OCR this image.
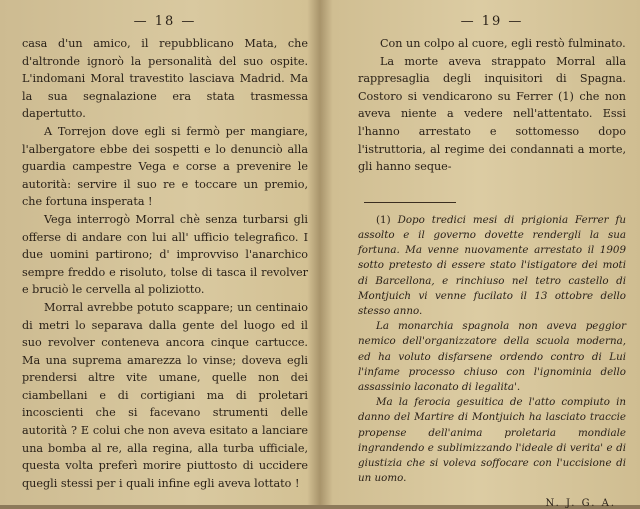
— 18 —

casa d'un amico, il repubblicano Mata, che d'altronde ignorò la personalità del suo ospite. L'indomani Moral travestito lasciava Madrid. Ma la sua segnalazione era stata trasmessa dapertutto.

A Torrejon dove egli si fermò per mangiare, l'albergatore ebbe dei sospetti e lo denunciò alla guardia campestre Vega e corse a prevenire le autorità: servire il suo re e toccare un premio, che fortuna insperata !

Vega interrogò Morral chè senza turbarsi gli offerse di andare con lui all' ufficio telegrafico. I due uomini partirono; d' improvviso l'anarchico sempre freddo e risoluto, tolse di tasca il revolver e bruciò le cervella al poliziotto.

Morral avrebbe potuto scappare; un centinaio di metri lo separava dalla gente del luogo ed il suo revolver conteneva ancora cinque cartucce. Ma una suprema amarezza lo vinse; doveva egli prendersi altre vite umane, quelle non dei ciambellani e di cortigiani ma di proletari incoscienti che si facevano strumenti delle autorità ? E colui che non aveva esitato a lanciare una bomba al re, alla regina, alla turba ufficiale, questa volta preferì morire piuttosto di uccidere quegli stessi per i quali infine egli aveva lottato !

— 19 —

Con un colpo al cuore, egli restò fulminato.

La morte aveva strappato Morral alla rappresaglia degli inquisitori di Spagna. Costoro si vendicarono su Ferrer (1) che non aveva niente a vedere nell'attentato. Essi l'hanno arrestato e sottomesso dopo l'istruttoria, al regime dei condannati a morte, gli hanno seque-

(1) Dopo tredici mesi di prigionia Ferrer fu assolto e il governo dovette rendergli la sua fortuna. Ma venne nuovamente arrestato il 1909 sotto pretesto di essere stato l'istigatore dei moti di Barcellona, e rinchiuso nel tetro castello di Montjuich vi venne fucilato il 13 ottobre dello stesso anno.

La monarchia spagnola non aveva peggior nemico dell'organizzatore della scuola moderna, ed ha voluto disfarsene ordendo contro di Lui l'infame processo chiuso con l'ignominia dello assassinio laconato di legalita'.

Ma la ferocia gesuitica de l'atto compiuto in danno del Martire di Montjuich ha lasciato traccie propense dell'anima proletaria mondiale ingrandendo e sublimizzando l'ideale di verita' e di giustizia che si voleva soffocare con l'uccisione di un uomo.

N. J. G. A.
